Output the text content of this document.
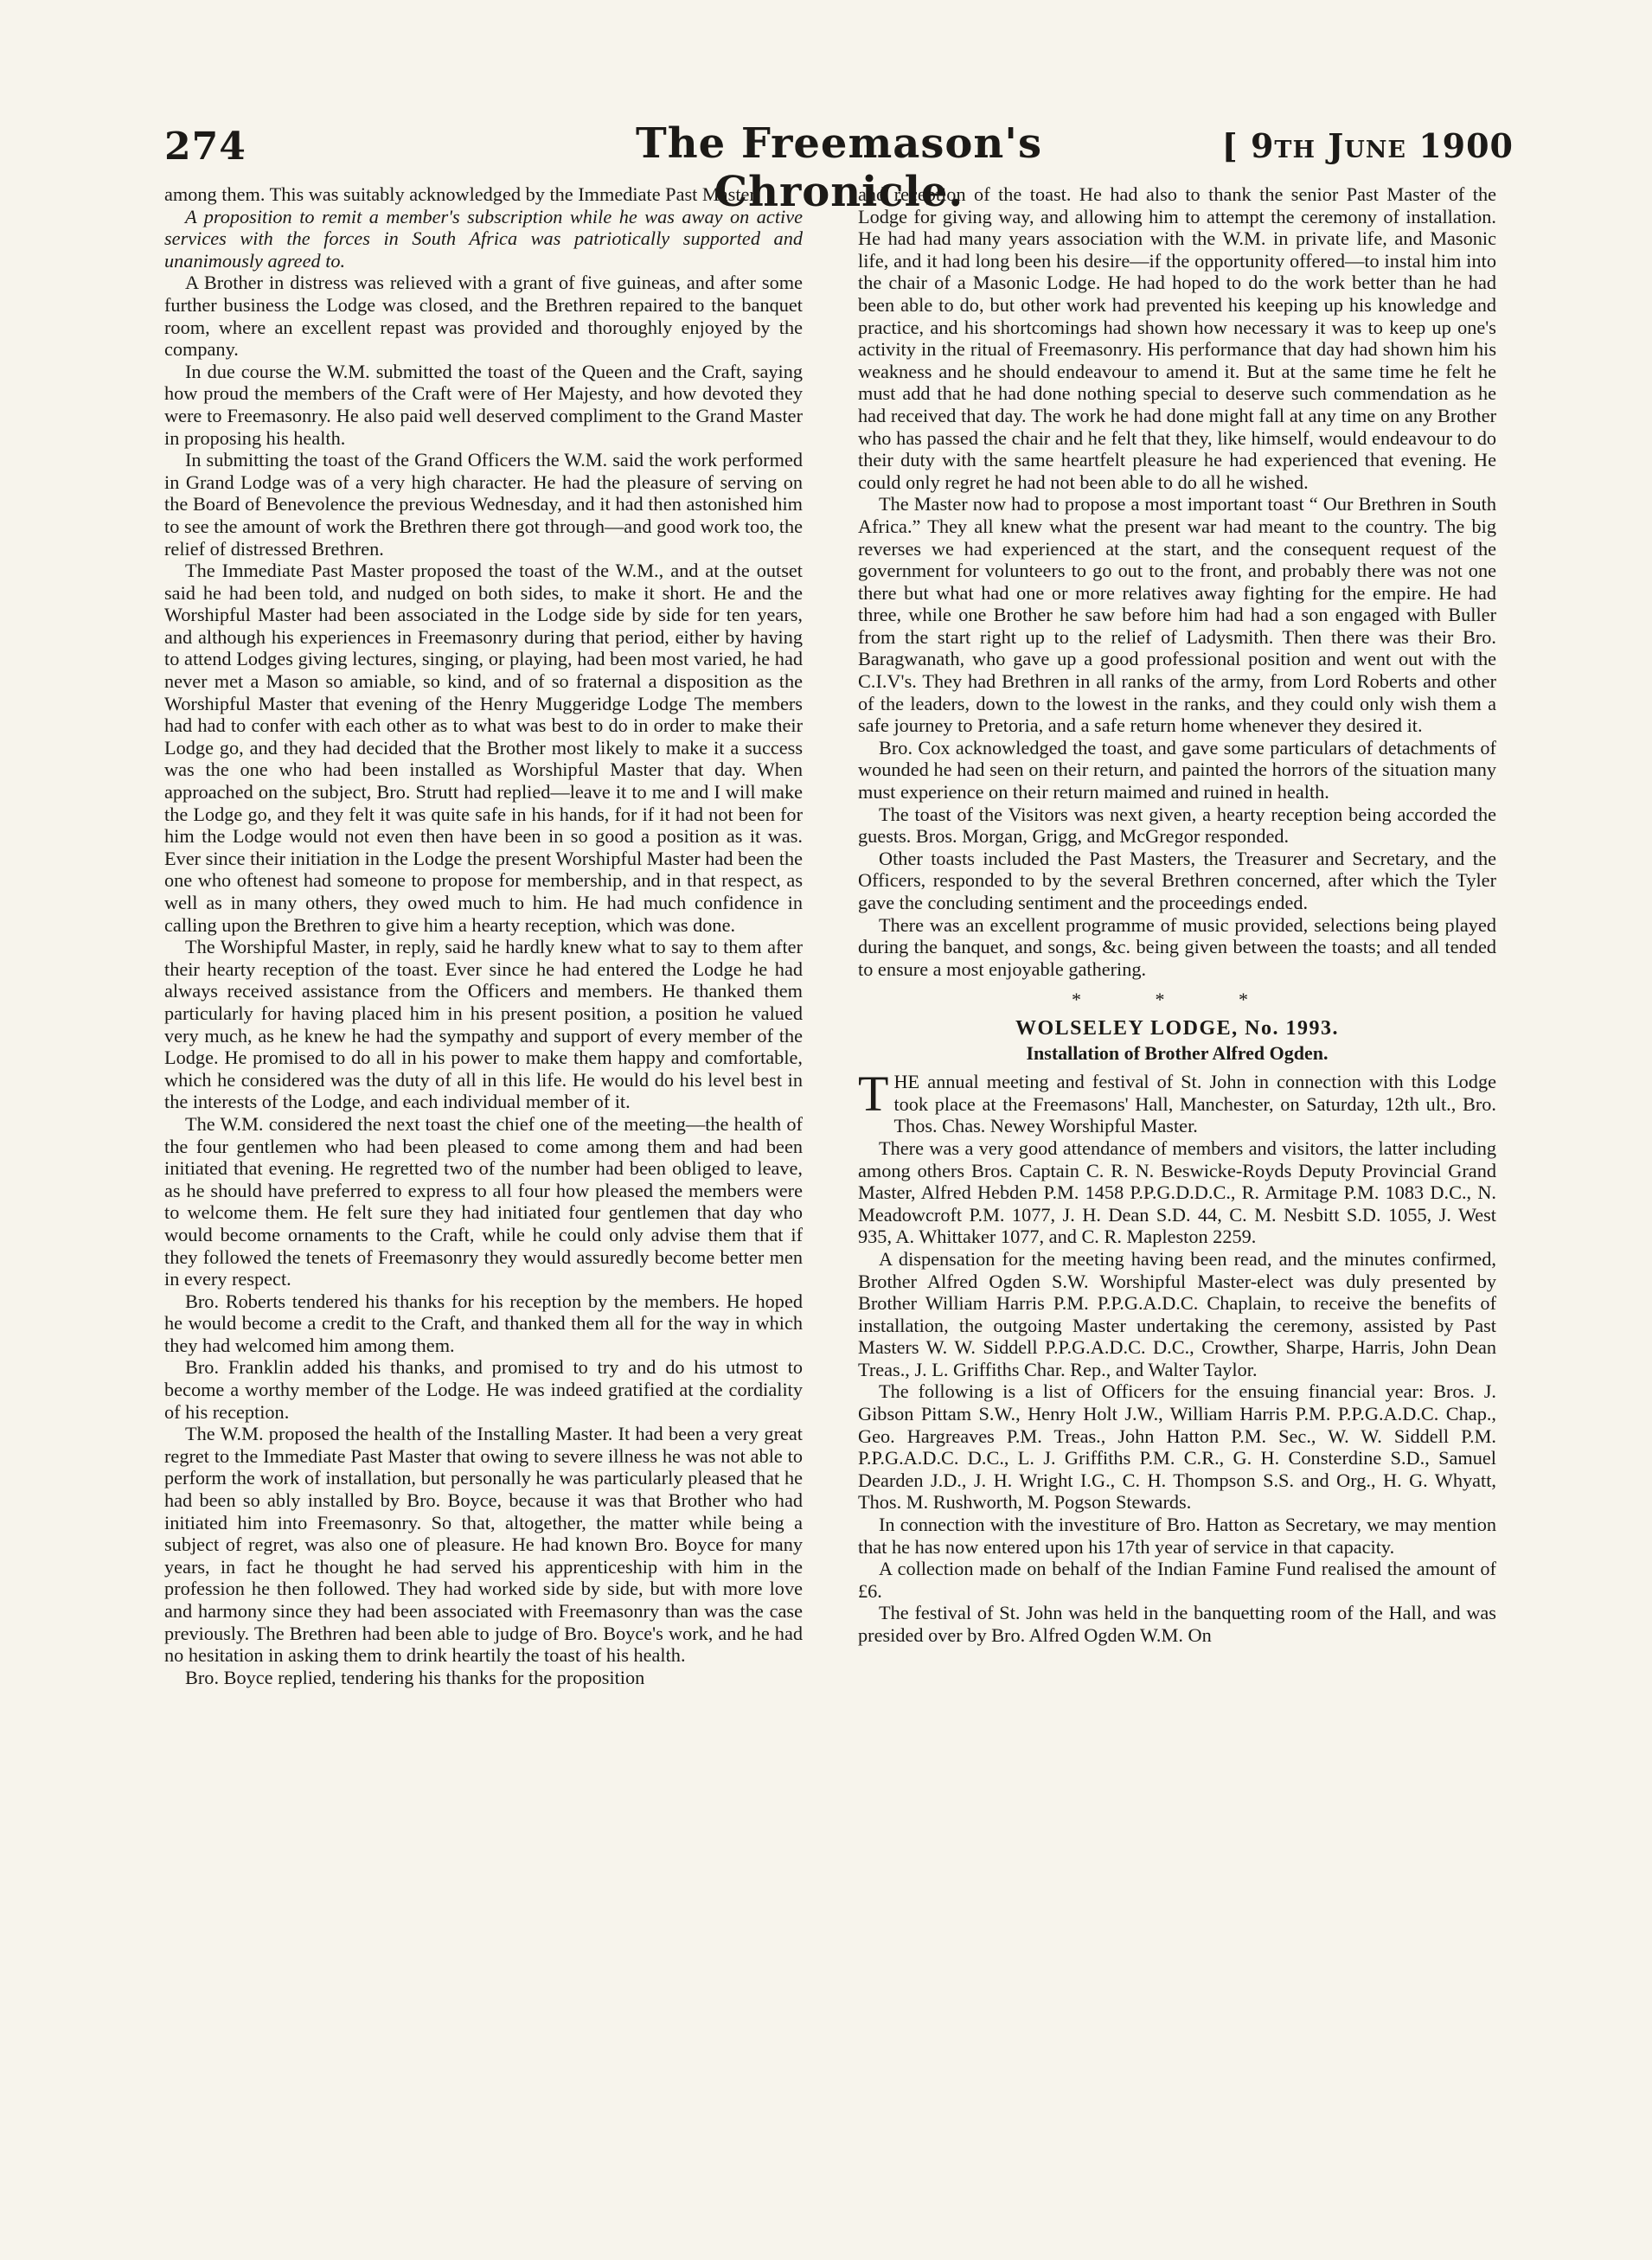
274	The Freemason's Chronicle.
[ 9th June 1900

among them. This was suitably acknowledged by the Immediate Past Master.

A proposition to remit a member's subscription while he was away on active services with the forces in South Africa was patriotically supported and unanimously agreed to.

A Brother in distress was relieved with a grant of five guineas, and after some further business the Lodge was closed, and the Brethren repaired to the banquet room, where an excellent repast was provided and thoroughly enjoyed by the company.

In due course the W.M. submitted the toast of the Queen and the Craft, saying how proud the members of the Craft were of Her Majesty, and how devoted they were to Freemasonry. He also paid well deserved compliment to the Grand Master in proposing his health.

In submitting the toast of the Grand Officers the W.M. said the work performed in Grand Lodge was of a very high character. He had the pleasure of serving on the Board of Benevolence the previous Wednesday, and it had then astonished him to see the amount of work the Brethren there got through—and good work too, the relief of distressed Brethren.

The Immediate Past Master proposed the toast of the W.M., and at the outset said he had been told, and nudged on both sides, to make it short. He and the Worshipful Master had been associated in the Lodge side by side for ten years, and although his experiences in Freemasonry during that period, either by having to attend Lodges giving lectures, singing, or playing, had been most varied, he had never met a Mason so amiable, so kind, and of so fraternal a disposition as the Worshipful Master that evening of the Henry Muggeridge Lodge The members had had to confer with each other as to what was best to do in order to make their Lodge go, and they had decided that the Brother most likely to make it a success was the one who had been installed as Worshipful Master that day. When approached on the subject, Bro. Strutt had replied—leave it to me and I will make the Lodge go, and they felt it was quite safe in his hands, for if it had not been for him the Lodge would not even then have been in so good a position as it was. Ever since their initiation in the Lodge the present Worshipful Master had been the one who oftenest had someone to propose for membership, and in that respect, as well as in many others, they owed much to him. He had much confidence in calling upon the Brethren to give him a hearty reception, which was done.

The Worshipful Master, in reply, said he hardly knew what to say to them after their hearty reception of the toast. Ever since he had entered the Lodge he had always received assistance from the Officers and members. He thanked them particularly for having placed him in his present position, a position he valued very much, as he knew he had the sympathy and support of every member of the Lodge. He promised to do all in his power to make them happy and comfortable, which he considered was the duty of all in this life. He would do his level best in the interests of the Lodge, and each individual member of it.

The W.M. considered the next toast the chief one of the meeting—the health of the four gentlemen who had been pleased to come among them and had been initiated that evening. He regretted two of the number had been obliged to leave, as he should have preferred to express to all four how pleased the members were to welcome them. He felt sure they had initiated four gentlemen that day who would become ornaments to the Craft, while he could only advise them that if they followed the tenets of Freemasonry they would assuredly become better men in every respect.

Bro. Roberts tendered his thanks for his reception by the members. He hoped he would become a credit to the Craft, and thanked them all for the way in which they had welcomed him among them.

Bro. Franklin added his thanks, and promised to try and do his utmost to become a worthy member of the Lodge. He was indeed gratified at the cordiality of his reception.

The W.M. proposed the health of the Installing Master. It had been a very great regret to the Immediate Past Master that owing to severe illness he was not able to perform the work of installation, but personally he was particularly pleased that he had been so ably installed by Bro. Boyce, because it was that Brother who had initiated him into Freemasonry. So that, altogether, the matter while being a subject of regret, was also one of pleasure. He had known Bro. Boyce for many years, in fact he thought he had served his apprenticeship with him in the profession he then followed. They had worked side by side, but with more love and harmony since they had been associated with Freemasonry than was the case previously. The Brethren had been able to judge of Bro. Boyce's work, and he had no hesitation in asking them to drink heartily the toast of his health.

Bro. Boyce replied, tendering his thanks for the proposition

and reception of the toast. He had also to thank the senior Past Master of the Lodge for giving way, and allowing him to attempt the ceremony of installation. He had had many years association with the W.M. in private life, and Masonic life, and it had long been his desire—if the opportunity offered—to instal him into the chair of a Masonic Lodge. He had hoped to do the work better than he had been able to do, but other work had prevented his keeping up his knowledge and practice, and his shortcomings had shown how necessary it was to keep up one's activity in the ritual of Freemasonry. His performance that day had shown him his weakness and he should endeavour to amend it. But at the same time he felt he must add that he had done nothing special to deserve such commendation as he had received that day. The work he had done might fall at any time on any Brother who has passed the chair and he felt that they, like himself, would endeavour to do their duty with the same heartfelt pleasure he had experienced that evening. He could only regret he had not been able to do all he wished.

The Master now had to propose a most important toast “ Our Brethren in South Africa.” They all knew what the present war had meant to the country. The big reverses we had experienced at the start, and the consequent request of the government for volunteers to go out to the front, and probably there was not one there but what had one or more relatives away fighting for the empire. He had three, while one Brother he saw before him had had a son engaged with Buller from the start right up to the relief of Ladysmith. Then there was their Bro. Baragwanath, who gave up a good professional position and went out with the C.I.V's. They had Brethren in all ranks of the army, from Lord Roberts and other of the leaders, down to the lowest in the ranks, and they could only wish them a safe journey to Pretoria, and a safe return home whenever they desired it.

Bro. Cox acknowledged the toast, and gave some particulars of detachments of wounded he had seen on their return, and painted the horrors of the situation many must experience on their return maimed and ruined in health.

The toast of the Visitors was next given, a hearty reception being accorded the guests. Bros. Morgan, Grigg, and McGregor responded.

Other toasts included the Past Masters, the Treasurer and Secretary, and the Officers, responded to by the several Brethren concerned, after which the Tyler gave the concluding sentiment and the proceedings ended.

There was an excellent programme of music provided, selections being played during the banquet, and songs, &c. being given between the toasts; and all tended to ensure a most enjoyable gathering.

* * *
WOLSELEY LODGE, No. 1993.
Installation of Brother Alfred Ogden.

THE annual meeting and festival of St. John in connection with this Lodge took place at the Freemasons' Hall, Manchester, on Saturday, 12th ult., Bro. Thos. Chas. Newey Worshipful Master.

There was a very good attendance of members and visitors, the latter including among others Bros. Captain C. R. N. Beswicke-Royds Deputy Provincial Grand Master, Alfred Hebden P.M. 1458 P.P.G.D.D.C., R. Armitage P.M. 1083 D.C., N. Meadowcroft P.M. 1077, J. H. Dean S.D. 44, C. M. Nesbitt S.D. 1055, J. West 935, A. Whittaker 1077, and C. R. Mapleston 2259.

A dispensation for the meeting having been read, and the minutes confirmed, Brother Alfred Ogden S.W. Worshipful Master-elect was duly presented by Brother William Harris P.M. P.P.G.A.D.C. Chaplain, to receive the benefits of installation, the outgoing Master undertaking the ceremony, assisted by Past Masters W. W. Siddell P.P.G.A.D.C. D.C., Crowther, Sharpe, Harris, John Dean Treas., J. L. Griffiths Char. Rep., and Walter Taylor.

The following is a list of Officers for the ensuing financial year: Bros. J. Gibson Pittam S.W., Henry Holt J.W., William Harris P.M. P.P.G.A.D.C. Chap., Geo. Hargreaves P.M. Treas., John Hatton P.M. Sec., W. W. Siddell P.M. P.P.G.A.D.C. D.C., L. J. Griffiths P.M. C.R., G. H. Consterdine S.D., Samuel Dearden J.D., J. H. Wright I.G., C. H. Thompson S.S. and Org., H. G. Whyatt, Thos. M. Rushworth, M. Pogson Stewards.

In connection with the investiture of Bro. Hatton as Secretary, we may mention that he has now entered upon his 17th year of service in that capacity.

A collection made on behalf of the Indian Famine Fund realised the amount of £6.

The festival of St. John was held in the banquetting room of the Hall, and was presided over by Bro. Alfred Ogden W.M. On
